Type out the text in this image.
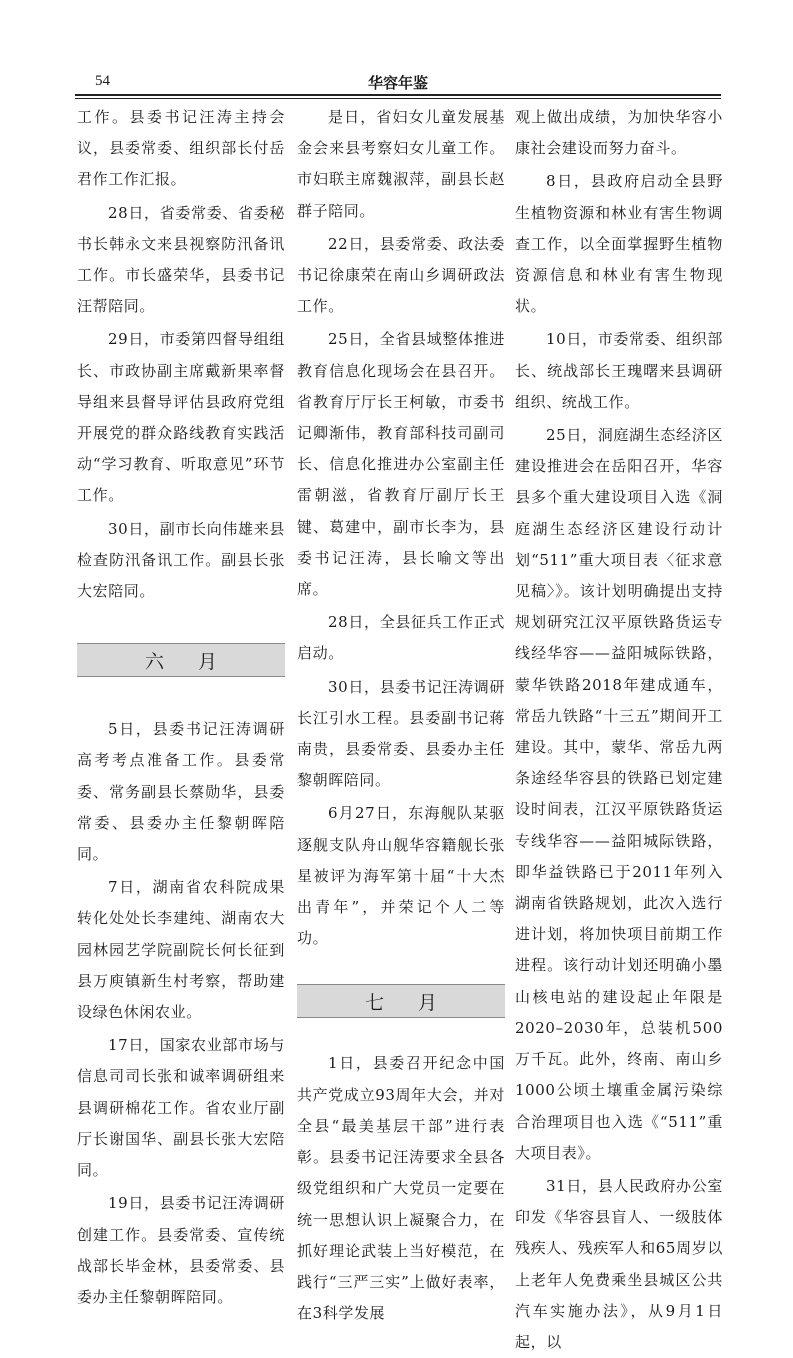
54	华容年鉴

工作。县委书记汪涛主持会议，县委常委、组织部长付岳君作工作汇报。

28日，省委常委、省委秘书长韩永文来县视察防汛备讯工作。市长盛荣华，县委书记汪帮陪同。

29日，市委第四督导组组长、市政协副主席戴新果率督导组来县督导评估县政府党组开展党的群众路线教育实践活动“学习教育、听取意见”环节工作。

30日，副市长向伟雄来县检查防汛备讯工作。副县长张大宏陪同。

六月

5日，县委书记汪涛调研高考考点准备工作。县委常委、常务副县长蔡勋华，县委常委、县委办主任黎朝晖陪同。

7日，湖南省农科院成果转化处处长李建纯、湖南农大园林园艺学院副院长何长征到县万庾镇新生村考察，帮助建设绿色休闲农业。

17日，国家农业部市场与信息司司长张和诚率调研组来县调研棉花工作。省农业厅副厅长谢国华、副县长张大宏陪同。

19日，县委书记汪涛调研创建工作。县委常委、宣传统战部长毕金林，县委常委、县委办主任黎朝晖陪同。

是日，省妇女儿童发展基金会来县考察妇女儿童工作。市妇联主席魏淑萍，副县长赵群子陪同。

22日，县委常委、政法委书记徐康荣在南山乡调研政法工作。

25日，全省县域整体推进教育信息化现场会在县召开。省教育厅厅长王柯敏，市委书记卿渐伟，教育部科技司副司长、信息化推进办公室副主任雷朝滋，省教育厅副厅长王键、葛建中，副市长李为，县委书记汪涛，县长喻文等出席。

28日，全县征兵工作正式启动。

30日，县委书记汪涛调研长江引水工程。县委副书记蒋南贵，县委常委、县委办主任黎朝晖陪同。

6月27日，东海舰队某驱逐舰支队舟山舰华容籍舰长张星被评为海军第十届“十大杰出青年”，并荣记个人二等功。

七月

1日，县委召开纪念中国共产党成立93周年大会，并对全县“最美基层干部”进行表彰。县委书记汪涛要求全县各级党组织和广大党员一定要在统一思想认识上凝聚合力，在抓好理论武装上当好模范，在践行“三严三实”上做好表率，在3科学发展

观上做出成绩，为加快华容小康社会建设而努力奋斗。

8日，县政府启动全县野生植物资源和林业有害生物调查工作，以全面掌握野生植物资源信息和林业有害生物现状。

10日，市委常委、组织部长、统战部长王瑰曙来县调研组织、统战工作。

25日，洞庭湖生态经济区建设推进会在岳阳召开，华容县多个重大建设项目入选《洞庭湖生态经济区建设行动计划“511”重大项目表〈征求意见稿〉》。该计划明确提出支持规划研究江汉平原铁路货运专线经华容——益阳城际铁路，蒙华铁路2018年建成通车，常岳九铁路“十三五”期间开工建设。其中，蒙华、常岳九两条途经华容县的铁路已划定建设时间表，江汉平原铁路货运专线华容——益阳城际铁路，即华益铁路已于2011年列入湖南省铁路规划，此次入选行进计划，将加快项目前期工作进程。该行动计划还明确小墨山核电站的建设起止年限是2020–2030年，总装机500万千瓦。此外，终南、南山乡1000公顷土壤重金属污染综合治理项目也入选《“511”重大项目表》。

31日，县人民政府办公室印发《华容县盲人、一级肢体残疾人、残疾军人和65周岁以上老年人免费乘坐县城区公共汽车实施办法》，从9月1日起，以
